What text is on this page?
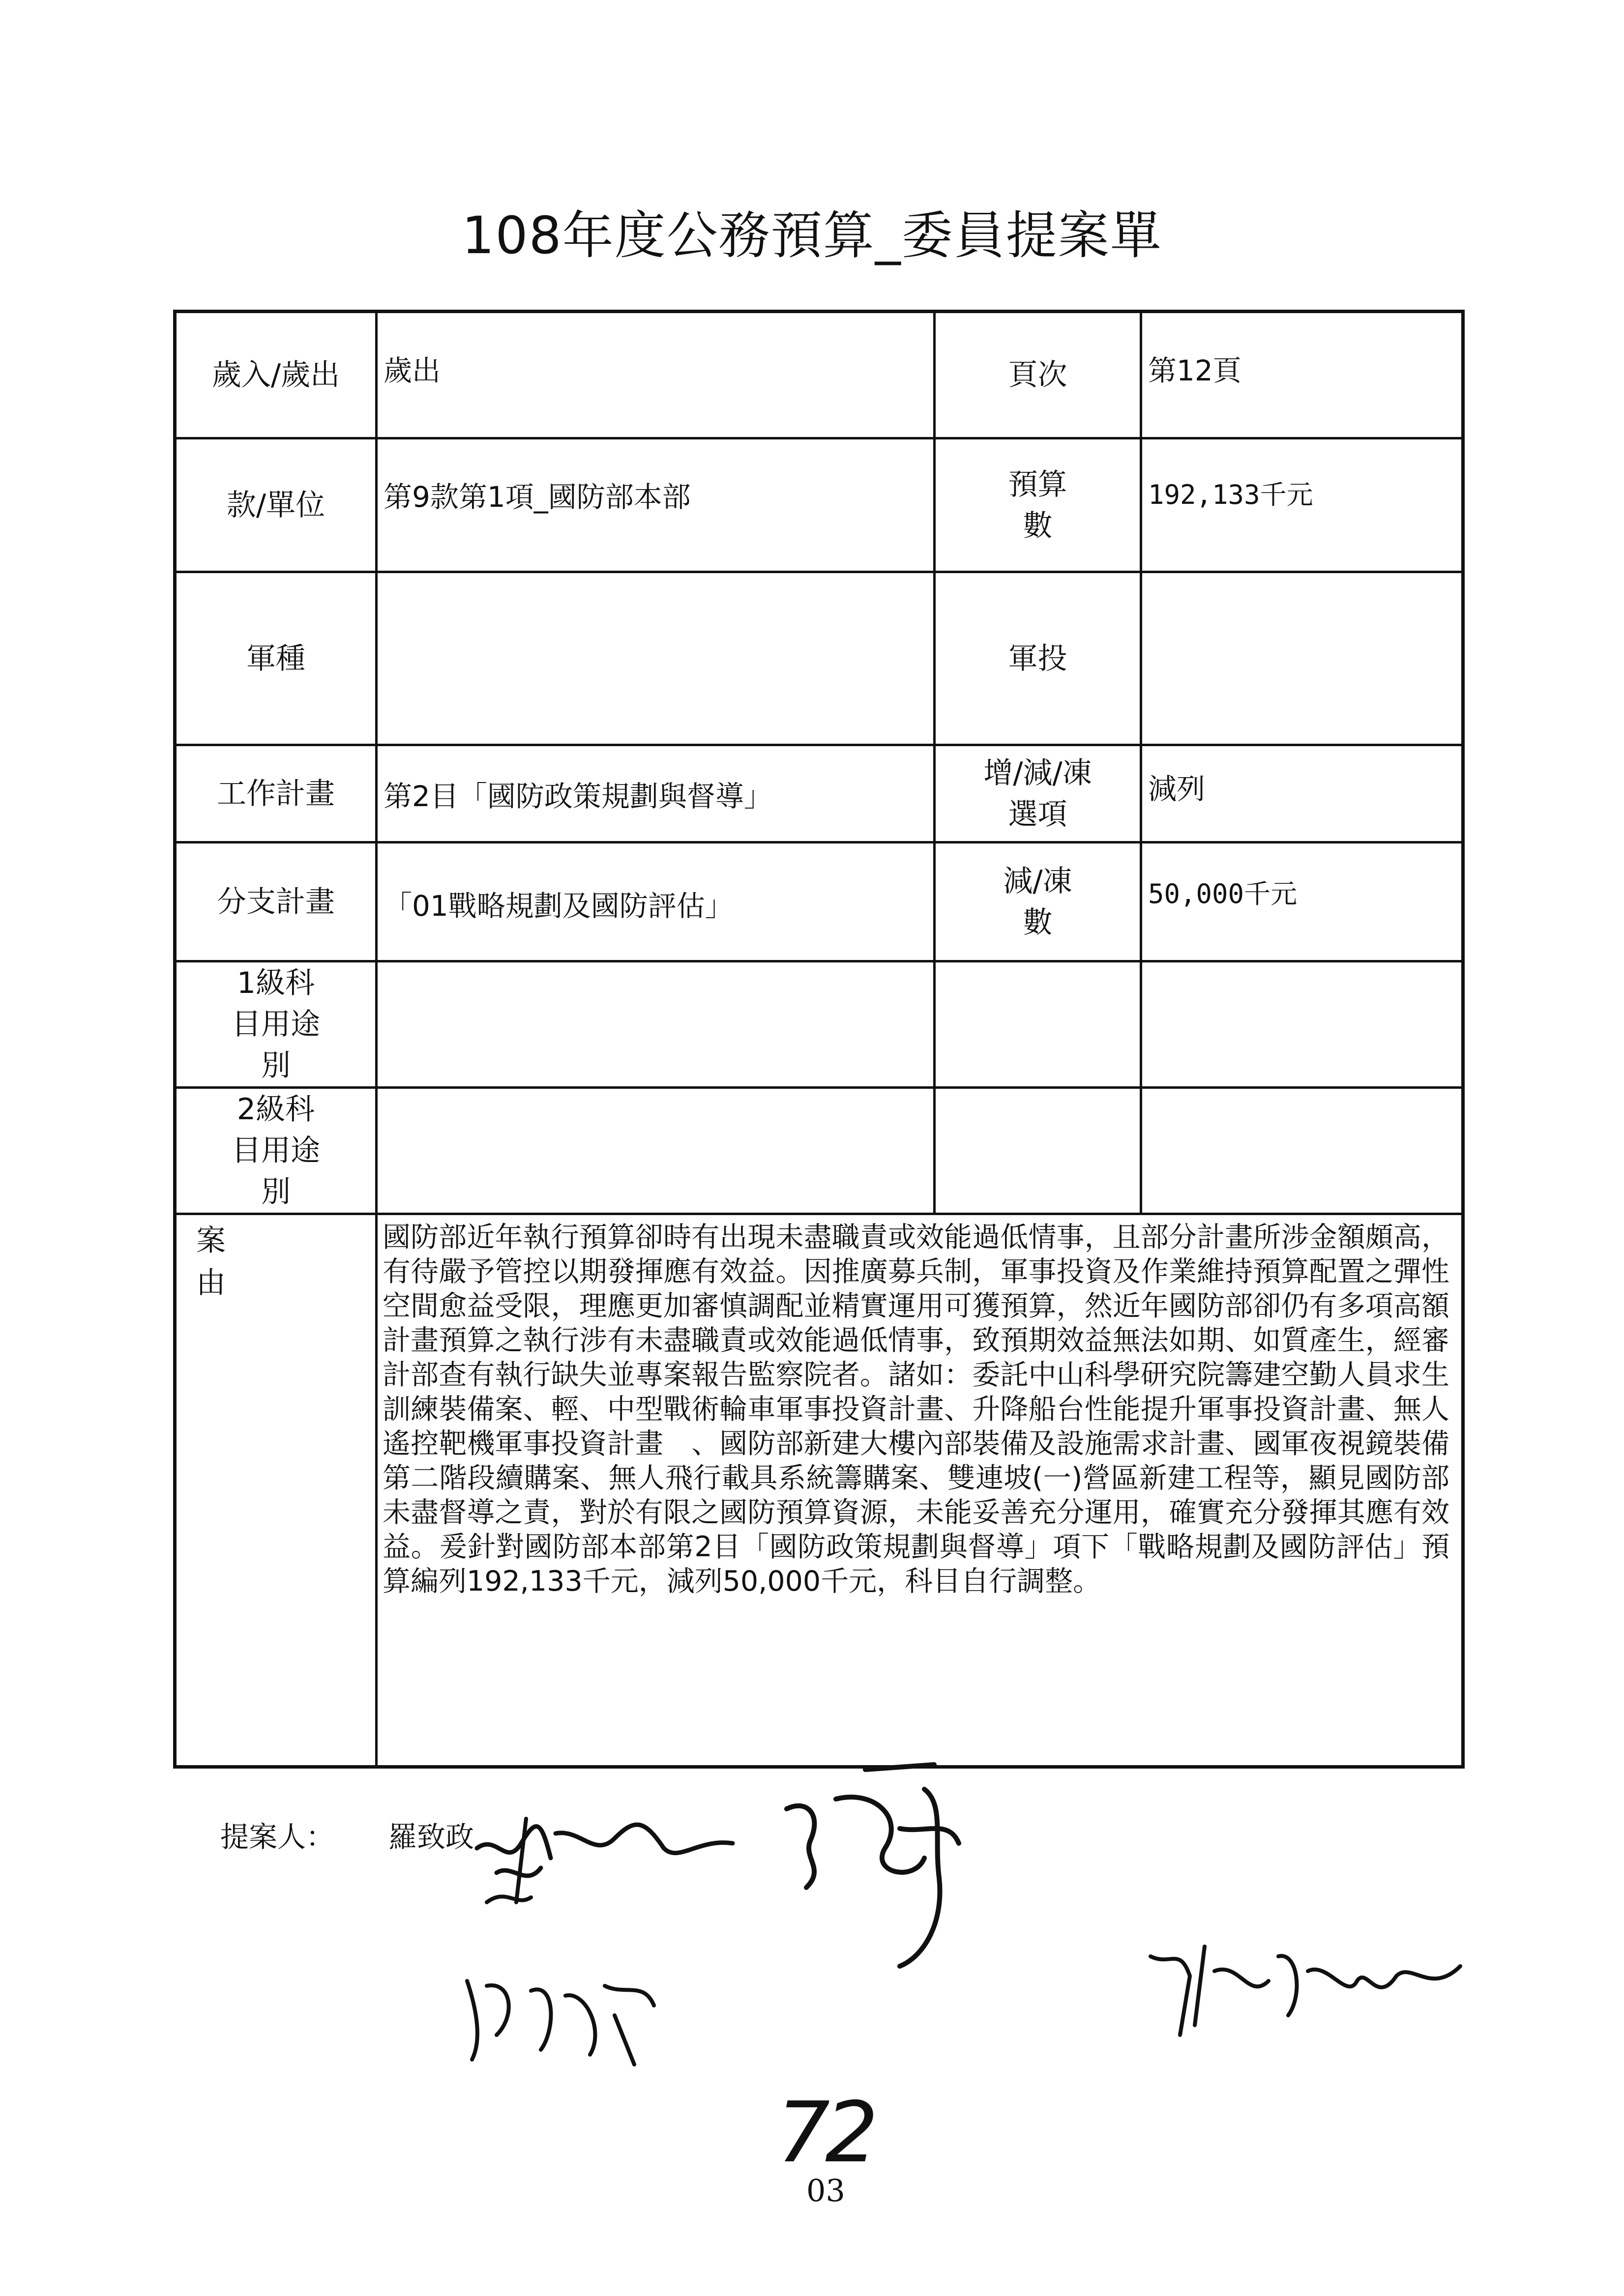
108年度公務預算_委員提案單
歲入/歲出	歲出	頁次	第12頁
款/單位	第9款第1項_國防部本部	預算數	192,133千元
軍種		軍投	
工作計畫	第2目「國防政策規劃與督導」	增/減/凍選項	減列
分支計畫	「01戰略規劃及國防評估」	減/凍數	50,000千元

1級科目用途別			

2級科目用途別			

案由	國防部近年執行預算卻時有出現未盡職責或效能過低情事，且部分計畫所涉金額頗高，有待嚴予管控以期發揮應有效益。因推廣募兵制，軍事投資及作業維持預算配置之彈性空間愈益受限，理應更加審慎調配並精實運用可獲預算，然近年國防部卻仍有多項高額計畫預算之執行涉有未盡職責或效能過低情事，致預期效益無法如期、如質產生，經審計部查有執行缺失並專案報告監察院者。諸如：委託中山科學研究院籌建空勤人員求生訓練裝備案、輕、中型戰術輪車軍事投資計畫、升降船台性能提升軍事投資計畫、無人遙控靶機軍事投資計畫　、國防部新建大樓內部裝備及設施需求計畫、國軍夜視鏡裝備第二階段續購案、無人飛行載具系統籌購案、雙連坡(一)營區新建工程等，顯見國防部未盡督導之責，對於有限之國防預算資源，未能妥善充分運用，確實充分發揮其應有效益。爰針對國防部本部第2目「國防政策規劃與督導」項下「戰略規劃及國防評估」預算編列192,133千元，減列50,000千元，科目自行調整。		
提案人： 羅致政
72
03
